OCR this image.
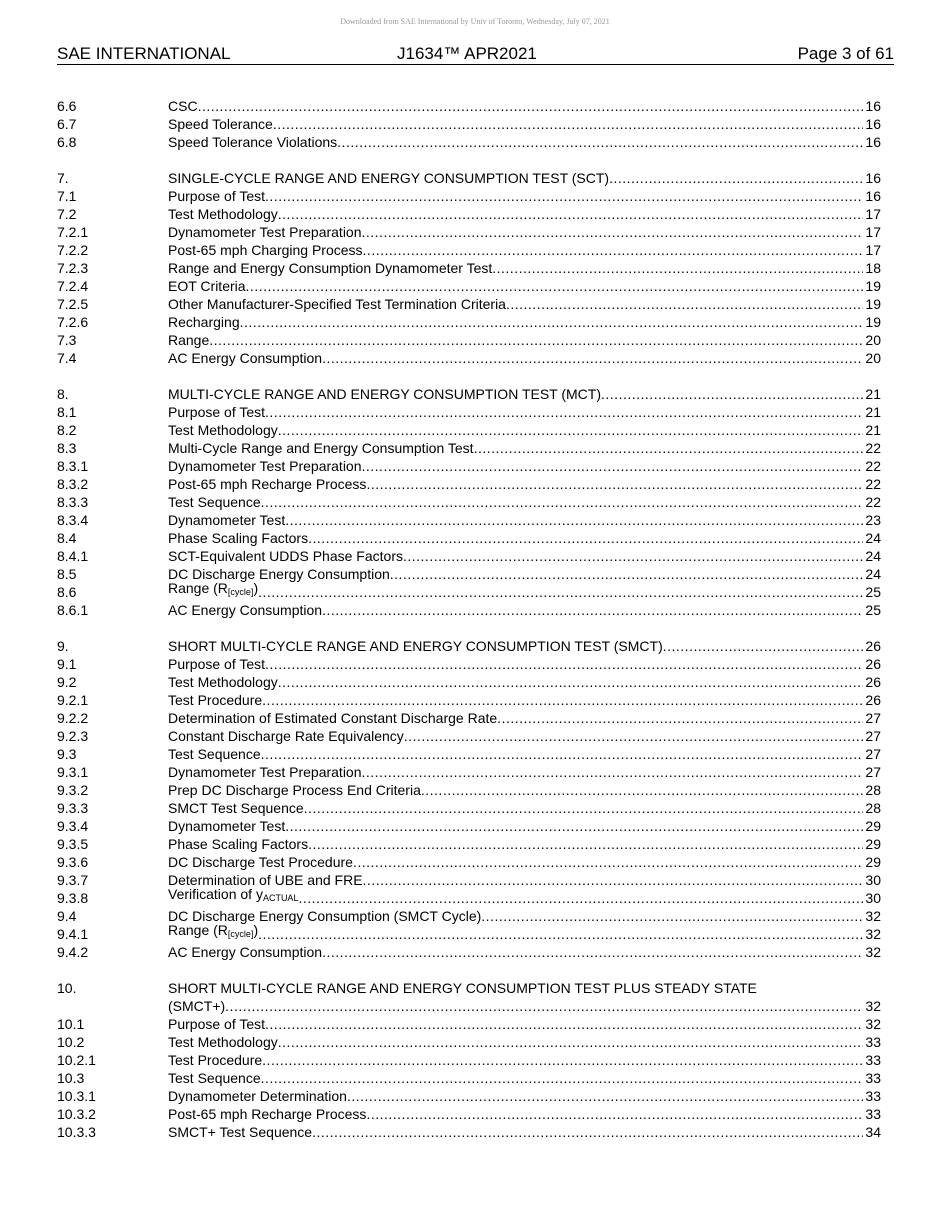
Downloaded from SAE International by Univ of Toronto, Wednesday, July 07, 2021
SAE INTERNATIONAL	J1634™ APR2021	Page 3 of 61
6.6	CSC .....	16
6.7	Speed Tolerance .....	16
6.8	Speed Tolerance Violations .....	16
7.	SINGLE-CYCLE RANGE AND ENERGY CONSUMPTION TEST (SCT) .....	16
7.1	Purpose of Test .....	16
7.2	Test Methodology .....	17
7.2.1	Dynamometer Test Preparation .....	17
7.2.2	Post-65 mph Charging Process .....	17
7.2.3	Range and Energy Consumption Dynamometer Test .....	18
7.2.4	EOT Criteria .....	19
7.2.5	Other Manufacturer-Specified Test Termination Criteria .....	19
7.2.6	Recharging .....	19
7.3	Range .....	20
7.4	AC Energy Consumption .....	20
8.	MULTI-CYCLE RANGE AND ENERGY CONSUMPTION TEST (MCT) .....	21
8.1	Purpose of Test .....	21
8.2	Test Methodology .....	21
8.3	Multi-Cycle Range and Energy Consumption Test .....	22
8.3.1	Dynamometer Test Preparation .....	22
8.3.2	Post-65 mph Recharge Process .....	22
8.3.3	Test Sequence .....	22
8.3.4	Dynamometer Test .....	23
8.4	Phase Scaling Factors .....	24
8.4.1	SCT-Equivalent UDDS Phase Factors .....	24
8.5	DC Discharge Energy Consumption .....	24
8.6	Range $(R_{[cycle]})$ .....	25
8.6.1	AC Energy Consumption .....	25
9.	SHORT MULTI-CYCLE RANGE AND ENERGY CONSUMPTION TEST (SMCT) .....	26
9.1	Purpose of Test .....	26
9.2	Test Methodology .....	26
9.2.1	Test Procedure .....	26
9.2.2	Determination of Estimated Constant Discharge Rate .....	27
9.2.3	Constant Discharge Rate Equivalency .....	27
9.3	Test Sequence .....	27
9.3.1	Dynamometer Test Preparation .....	27
9.3.2	Prep DC Discharge Process End Criteria .....	28
9.3.3	SMCT Test Sequence .....	28
9.3.4	Dynamometer Test .....	29
9.3.5	Phase Scaling Factors .....	29
9.3.6	DC Discharge Test Procedure .....	29
9.3.7	Determination of UBE and FRE .....	30
9.3.8	Verification of $y_{ACTUAL}$ .....	30
9.4	DC Discharge Energy Consumption (SMCT Cycle) .....	32
9.4.1	Range $(R_{[cycle]})$ .....	32
9.4.2	AC Energy Consumption .....	32
10.	SHORT MULTI-CYCLE RANGE AND ENERGY CONSUMPTION TEST PLUS STEADY STATE
(SMCT+) .....	32
10.1	Purpose of Test .....	32
10.2	Test Methodology .....	33
10.2.1	Test Procedure .....	33
10.3	Test Sequence .....	33
10.3.1	Dynamometer Determination .....	33
10.3.2	Post-65 mph Recharge Process .....	33
10.3.3	SMCT+ Test Sequence .....	34
